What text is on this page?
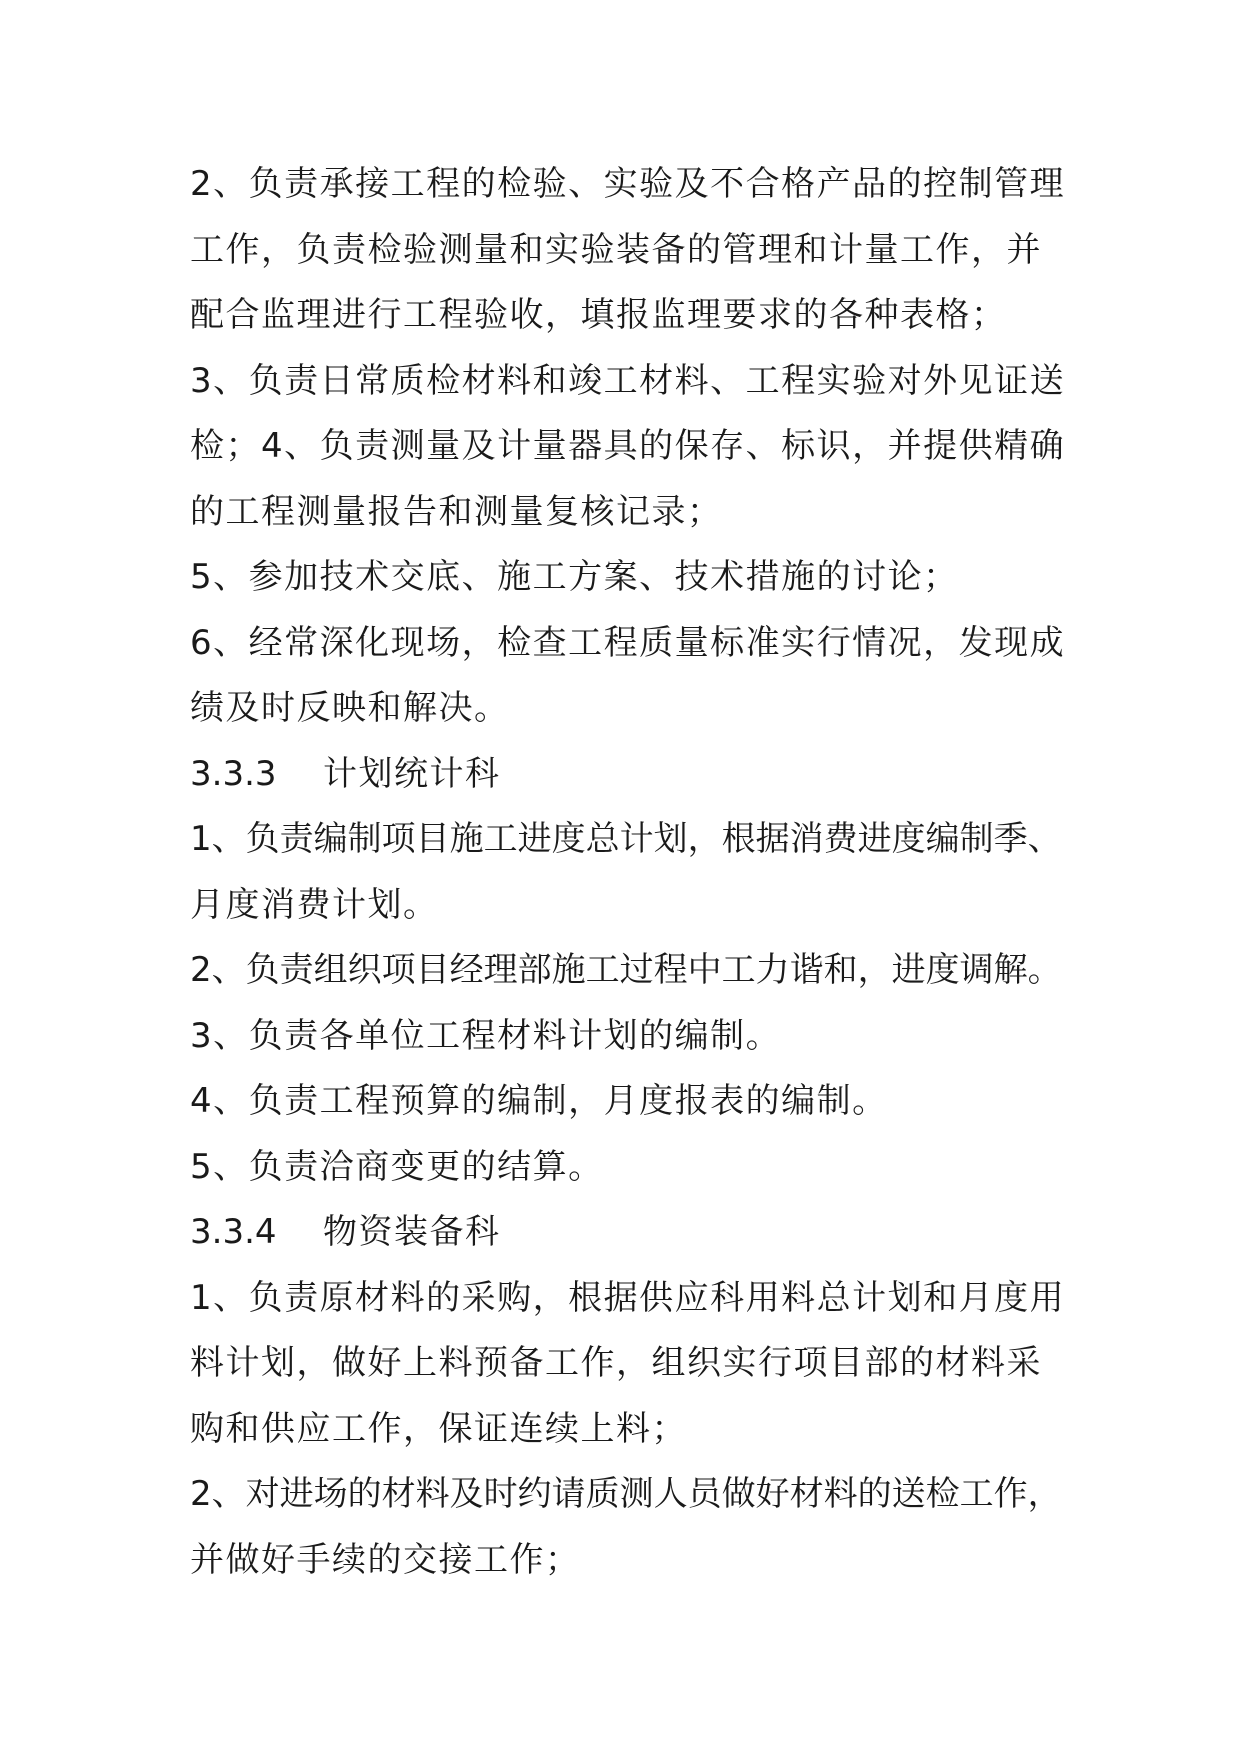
2、负责承接工程的检验、实验及不合格产品的控制管理
工作，负责检验测量和实验装备的管理和计量工作，并
配合监理进行工程验收，填报监理要求的各种表格；
3、负责日常质检材料和竣工材料、工程实验对外见证送
检；4、负责测量及计量器具的保存、标识，并提供精确
的工程测量报告和测量复核记录；
5、参加技术交底、施工方案、技术措施的讨论；
6、经常深化现场，检查工程质量标准实行情况，发现成
绩及时反映和解决。
3.3.3 计划统计科
1、负责编制项目施工进度总计划，根据消费进度编制季、
月度消费计划。
2、负责组织项目经理部施工过程中工力谐和，进度调解。
3、负责各单位工程材料计划的编制。
4、负责工程预算的编制，月度报表的编制。
5、负责洽商变更的结算。
3.3.4 物资装备科
1、负责原材料的采购，根据供应科用料总计划和月度用
料计划，做好上料预备工作，组织实行项目部的材料采
购和供应工作，保证连续上料；
2、对进场的材料及时约请质测人员做好材料的送检工作，
并做好手续的交接工作；
